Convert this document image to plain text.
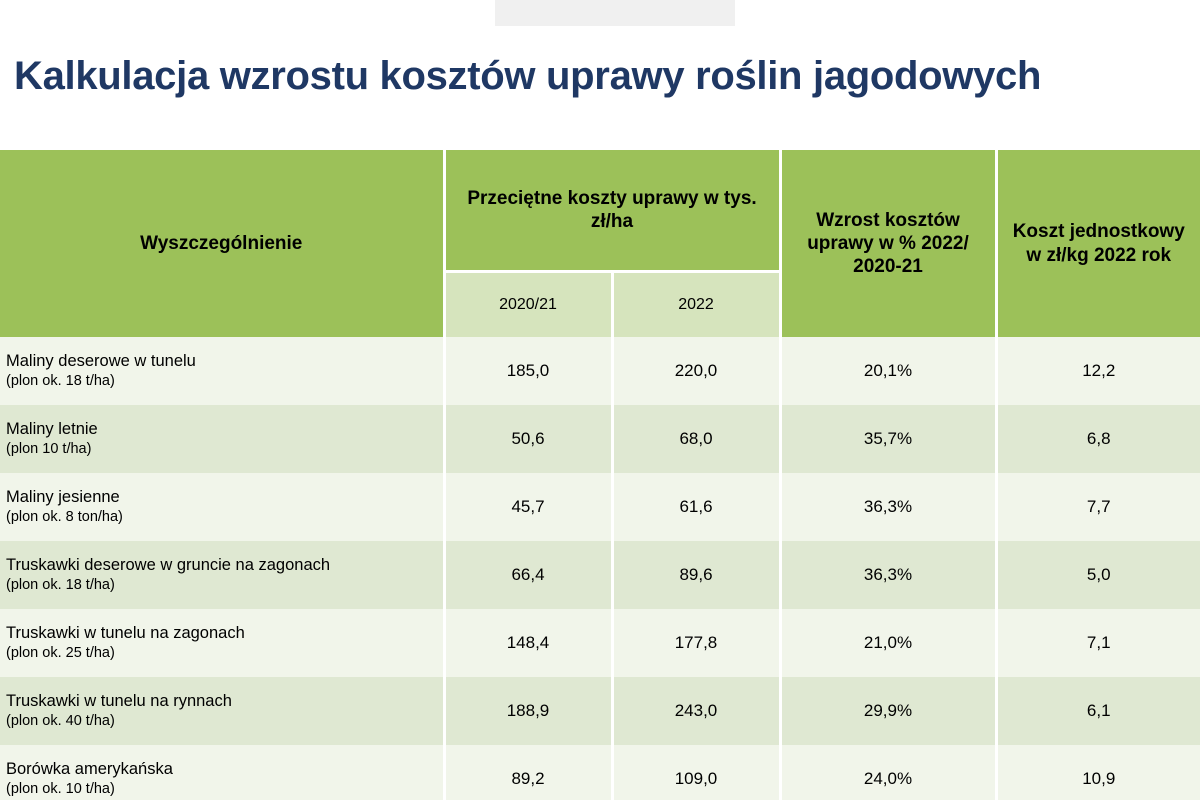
Kalkulacja wzrostu kosztów uprawy roślin jagodowych
Wyszczególnienie	Przeciętne koszty uprawy w tys. zł/ha		Wzrost kosztów uprawy w % 2022/ 2020-21	Koszt jednostkowy w zł/kg 2022 rok
	2020/21	2022		

Maliny deserowe w tunelu
(plon ok. 18 t/ha)	185,0	220,0	20,1%	12,2

Maliny letnie
(plon 10 t/ha)	50,6	68,0	35,7%	6,8

Maliny jesienne
(plon ok. 8 ton/ha)	45,7	61,6	36,3%	7,7

Truskawki deserowe w gruncie na zagonach
(plon ok. 18 t/ha)	66,4	89,6	36,3%	5,0

Truskawki w tunelu na zagonach
(plon ok. 25 t/ha)	148,4	177,8	21,0%	7,1

Truskawki w tunelu na rynnach
(plon ok. 40 t/ha)	188,9	243,0	29,9%	6,1

Borówka amerykańska
(plon ok. 10 t/ha)	89,2	109,0	24,0%	10,9
